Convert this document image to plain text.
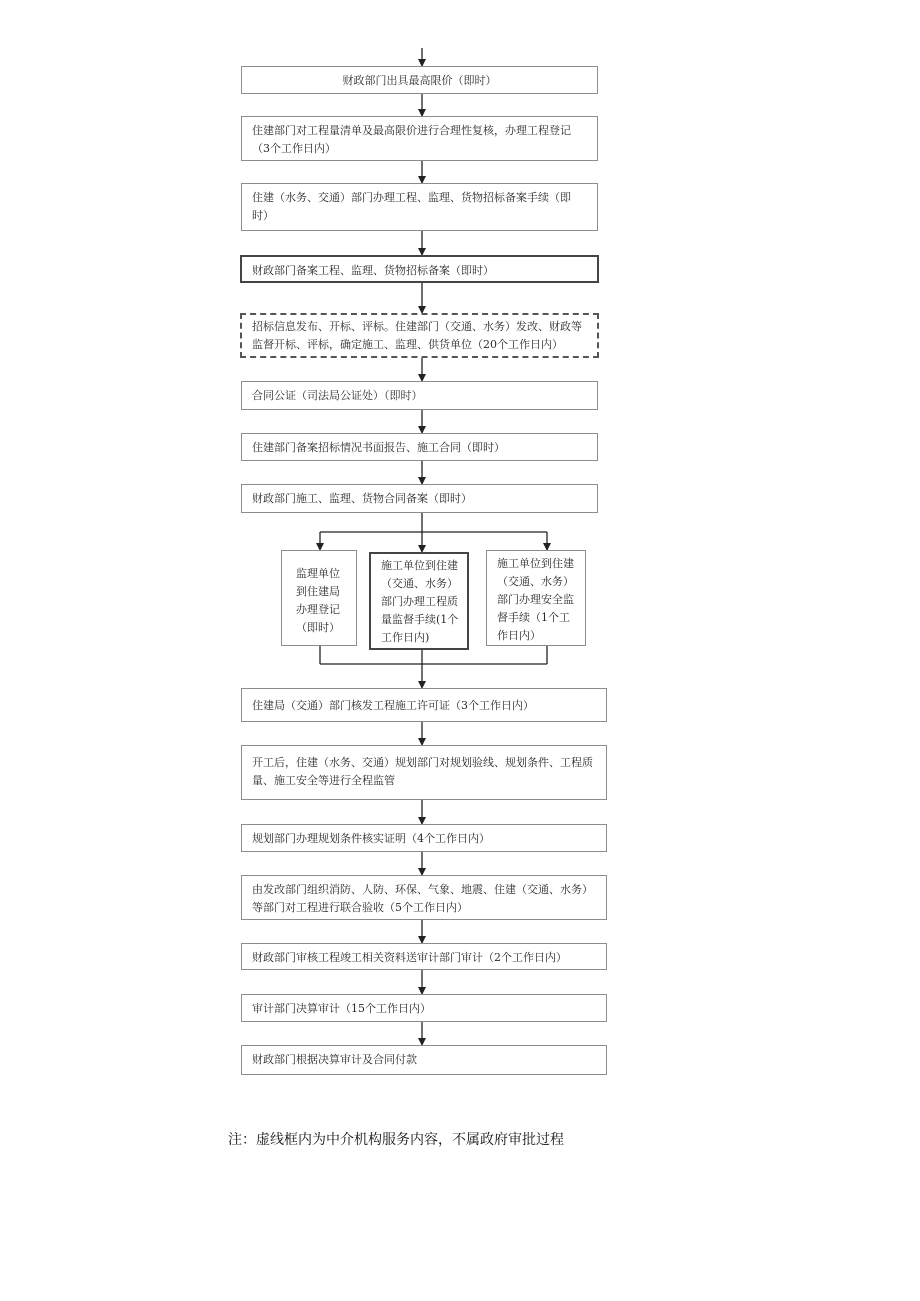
财政部门出具最高限价（即时）
住建部门对工程量清单及最高限价进行合理性复核，办理工程登记（3个工作日内）
住建（水务、交通）部门办理工程、监理、货物招标备案手续（即时）
财政部门备案工程、监理、货物招标备案（即时）
招标信息发布、开标、评标。住建部门（交通、水务）发改、财政等监督开标、评标，确定施工、监理、供货单位（20个工作日内）
合同公证（司法局公证处）（即时）
住建部门备案招标情况书面报告、施工合同（即时）
财政部门施工、监理、货物合同备案（即时）
监理单位到住建局办理登记（即时）
施工单位到住建（交通、水务）部门办理工程质量监督手续(1个工作日内)
施工单位到住建（交通、水务）部门办理安全监督手续（1个工作日内）
住建局（交通）部门核发工程施工许可证（3个工作日内）
开工后，住建（水务、交通）规划部门对规划验线、规划条件、工程质量、施工安全等进行全程监管
规划部门办理规划条件核实证明（4个工作日内）
由发改部门组织消防、人防、环保、气象、地震、住建（交通、水务）等部门对工程进行联合验收（5个工作日内）
财政部门审核工程竣工相关资料送审计部门审计（2个工作日内）
审计部门决算审计（15个工作日内）
财政部门根据决算审计及合同付款
注：虚线框内为中介机构服务内容，不属政府审批过程
